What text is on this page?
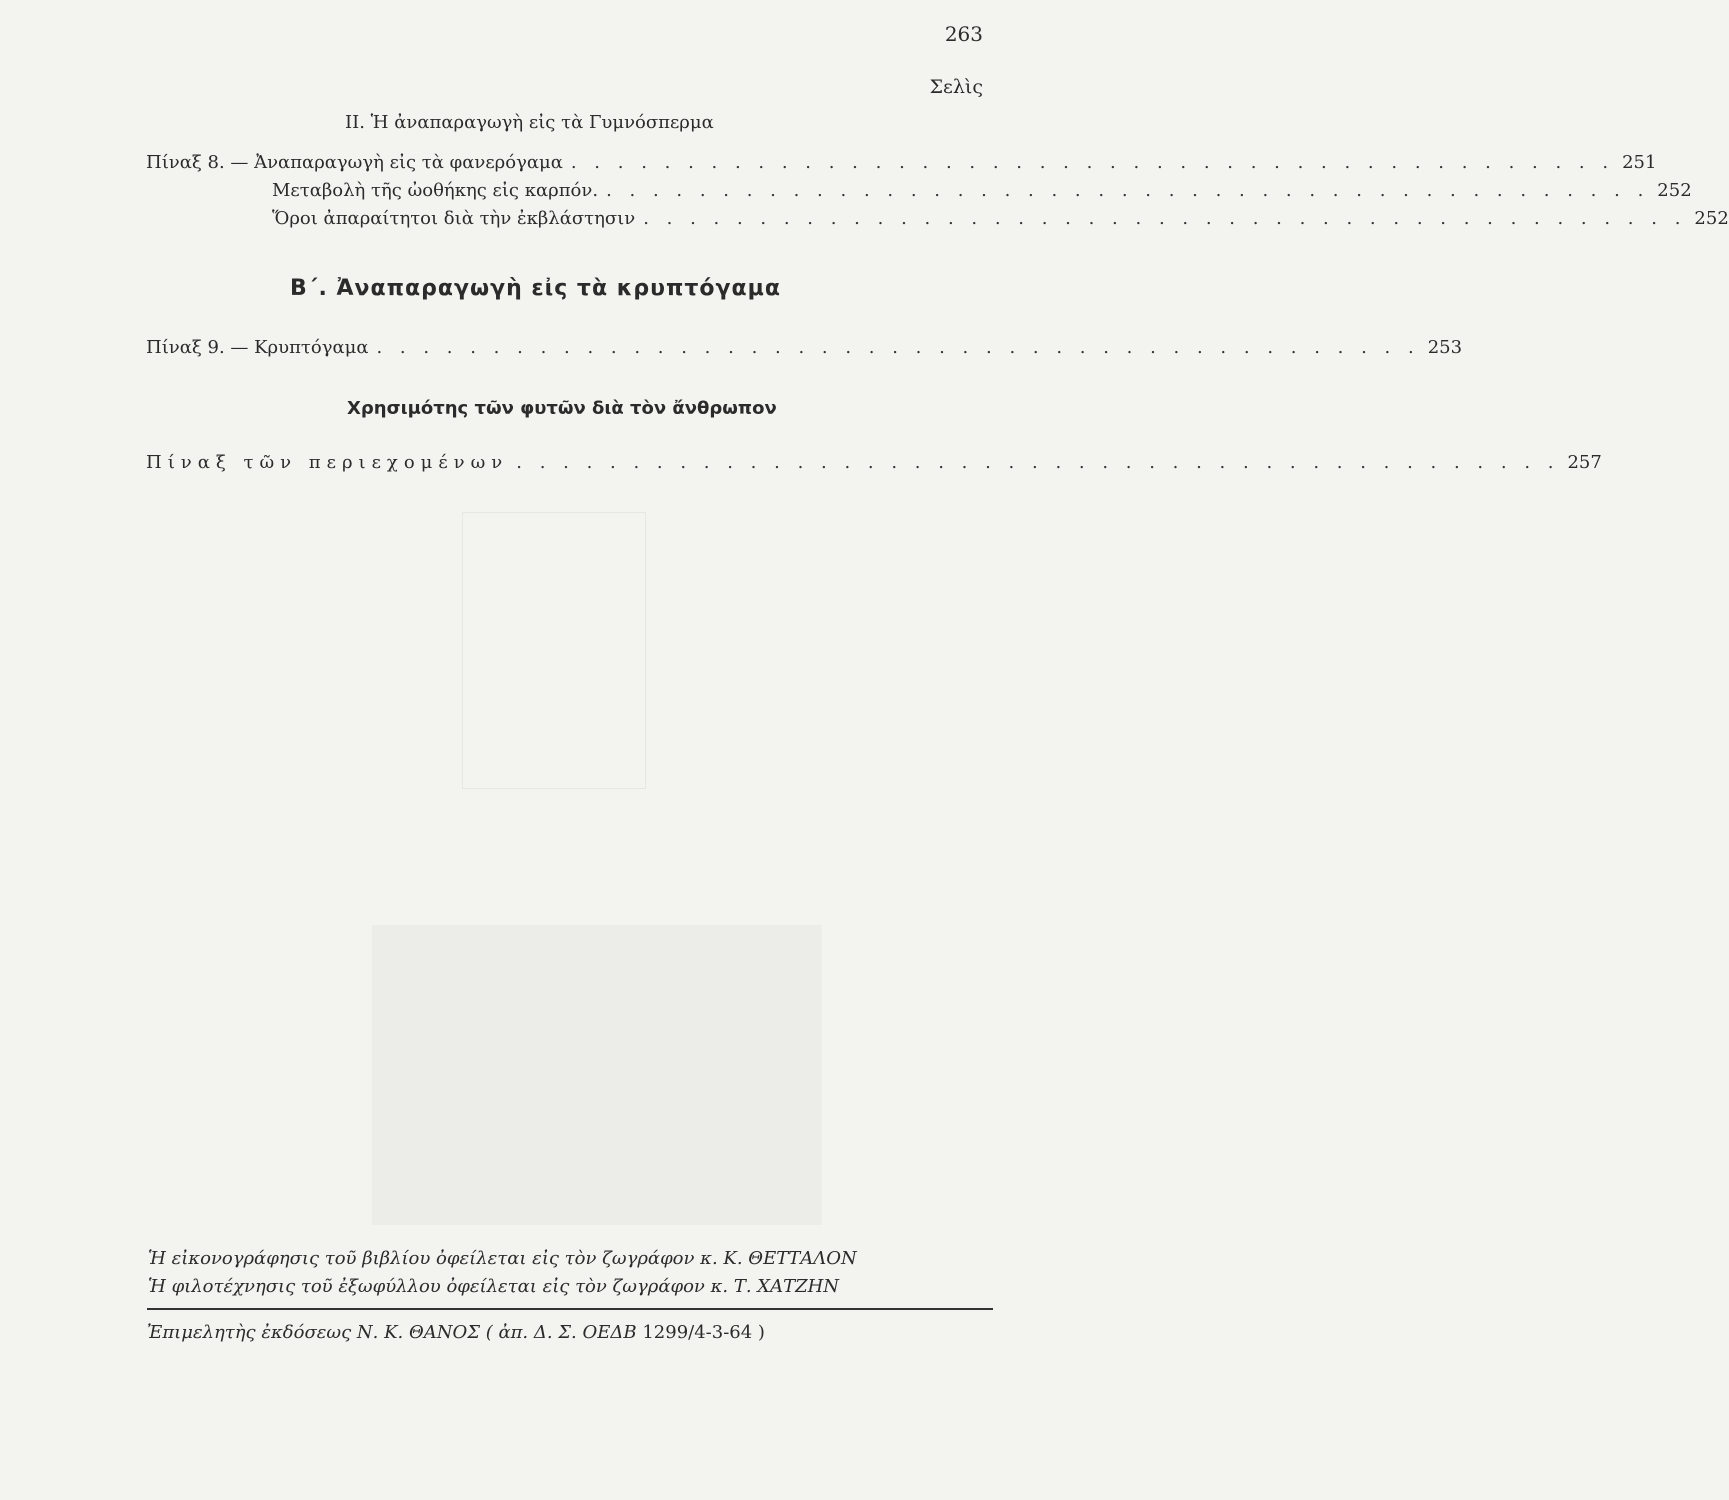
263
Σελὶς
ΙΙ. Ἡ ἀναπαραγωγὴ εἰς τὰ Γυμνόσπερμα
Πίναξ 8. — Ἀναπαραγωγὴ εἰς τὰ φανερόγαμα . . . . . . . . . . . . . . . . . . . . . . . . . . . . . . . . . . . . . . . . . . . . . 251
Μεταβολὴ τῆς ὠοθήκης εἰς καρπόν. . . . . . . . . . . . . . . . . . . . . . . . . . . . . . . . . . . . . . . . . . . . . . 252
Ὅροι ἀπαραίτητοι διὰ τὴν ἐκβλάστησιν . . . . . . . . . . . . . . . . . . . . . . . . . . . . . . . . . . . . . . . . . . . . . 252
Β΄. Ἀναπαραγωγὴ εἰς τὰ κρυπτόγαμα
Πίναξ 9. — Κρυπτόγαμα . . . . . . . . . . . . . . . . . . . . . . . . . . . . . . . . . . . . . . . . . . . . . 253
Χρησιμότης τῶν φυτῶν διὰ τὸν ἄνθρωπον
Πίναξ τῶν περιεχομένων . . . . . . . . . . . . . . . . . . . . . . . . . . . . . . . . . . . . . . . . . . . . . 257
Ἡ εἰκονογράφησις τοῦ βιβλίου ὀφείλεται εἰς τὸν ζωγράφον κ. Κ. ΘΕΤΤΑΛΟΝ
Ἡ φιλοτέχνησις τοῦ ἐξωφύλλου ὀφείλεται εἰς τὸν ζωγράφον κ. Τ. ΧΑΤΖΗΝ
Ἐπιμελητὴς ἐκδόσεως Ν. Κ. ΘΑΝΟΣ ( ἀπ. Δ. Σ. ΟΕΔΒ 1299/4-3-64 )
